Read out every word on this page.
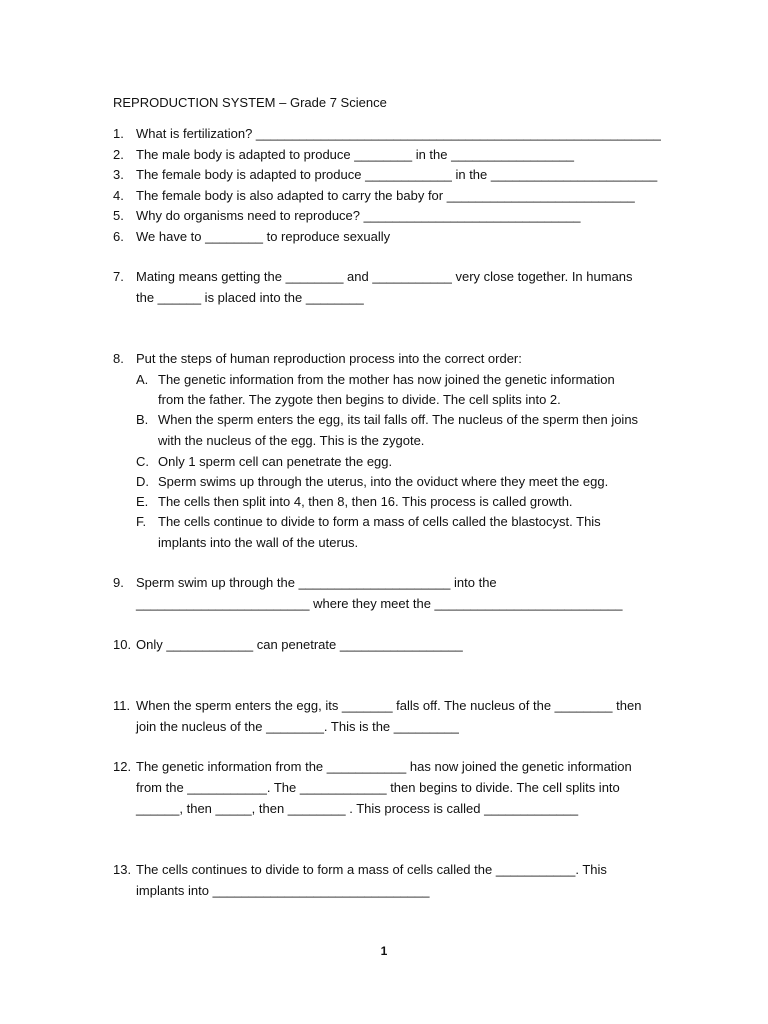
REPRODUCTION SYSTEM – Grade 7 Science
1. What is fertilization? ________________________________________________________
2. The male body is adapted to produce ________ in the _________________
3. The female body is adapted to produce ____________ in the _______________________
4. The female body is also adapted to carry the baby for __________________________
5. Why do organisms need to reproduce? ______________________________
6. We have to ________ to reproduce sexually
7. Mating means getting the ________ and ___________ very close together. In humans
the ______ is placed into the ________
8. Put the steps of human reproduction process into the correct order:
A. The genetic information from the mother has now joined the genetic information
from the father. The zygote then begins to divide. The cell splits into 2.
B. When the sperm enters the egg, its tail falls off. The nucleus of the sperm then joins
with the nucleus of the egg. This is the zygote.
C. Only 1 sperm cell can penetrate the egg.
D. Sperm swims up through the uterus, into the oviduct where they meet the egg.
E. The cells then split into 4, then 8, then 16. This process is called growth.
F. The cells continue to divide to form a mass of cells called the blastocyst. This
implants into the wall of the uterus.
9. Sperm swim up through the _____________________ into the
________________________ where they meet the __________________________
10. Only ____________ can penetrate _________________
11. When the sperm enters the egg, its _______ falls off. The nucleus of the ________ then
join the nucleus of the ________. This is the _________
12. The genetic information from the ___________ has now joined the genetic information
from the ___________. The ____________ then begins to divide. The cell splits into
______, then _____, then ________ . This process is called _____________
13. The cells continues to divide to form a mass of cells called the ___________. This
implants into ______________________________
1
